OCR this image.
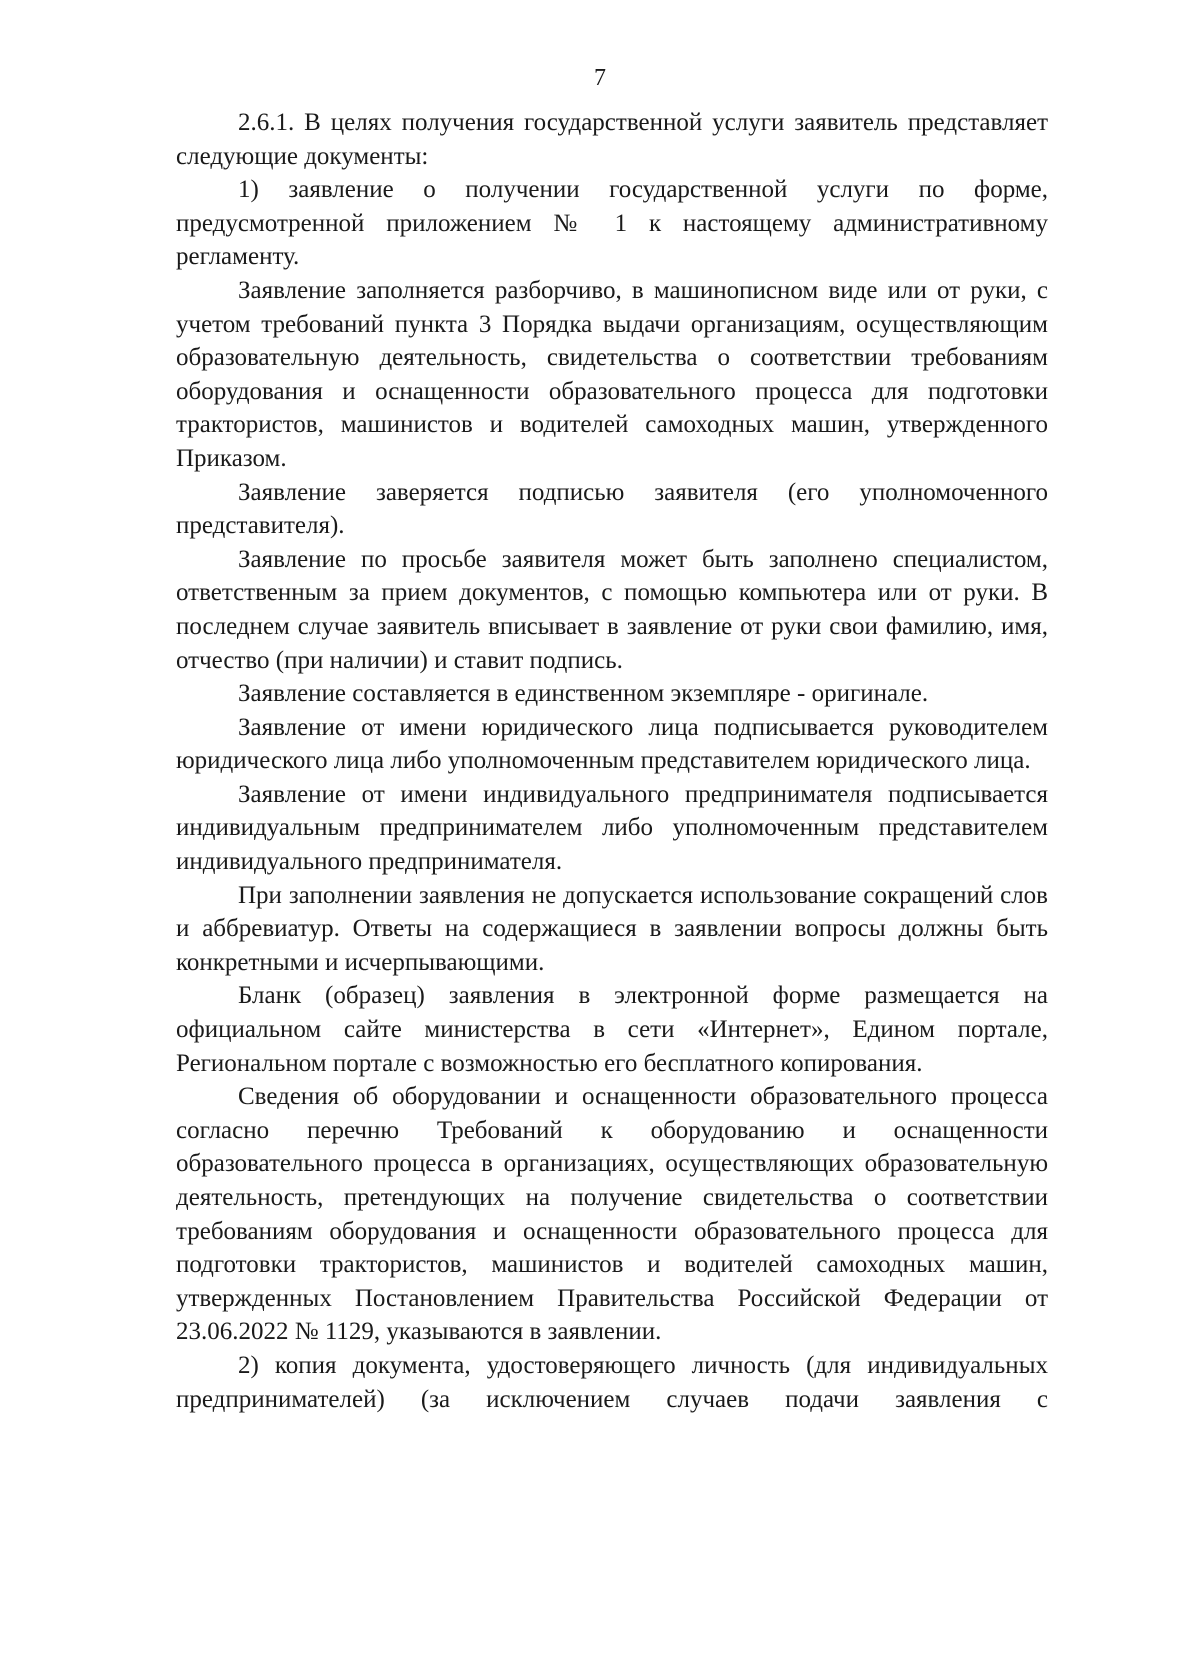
7

2.6.1. В целях получения государственной услуги заявитель представляет следующие документы:

1) заявление о получении государственной услуги по форме, предусмотренной приложением № 1 к настоящему административному регламенту.

Заявление заполняется разборчиво, в машинописном виде или от руки, с учетом требований пункта 3 Порядка выдачи организациям, осуществляющим образовательную деятельность, свидетельства о соответствии требованиям оборудования и оснащенности образовательного процесса для подготовки трактористов, машинистов и водителей самоходных машин, утвержденного Приказом.

Заявление заверяется подписью заявителя (его уполномоченного представителя).

Заявление по просьбе заявителя может быть заполнено специалистом, ответственным за прием документов, с помощью компьютера или от руки. В последнем случае заявитель вписывает в заявление от руки свои фамилию, имя, отчество (при наличии) и ставит подпись.

Заявление составляется в единственном экземпляре - оригинале.

Заявление от имени юридического лица подписывается руководителем юридического лица либо уполномоченным представителем юридического лица.

Заявление от имени индивидуального предпринимателя подписывается индивидуальным предпринимателем либо уполномоченным представителем индивидуального предпринимателя.

При заполнении заявления не допускается использование сокращений слов и аббревиатур. Ответы на содержащиеся в заявлении вопросы должны быть конкретными и исчерпывающими.

Бланк (образец) заявления в электронной форме размещается на официальном сайте министерства в сети «Интернет», Едином портале, Региональном портале с возможностью его бесплатного копирования.

Сведения об оборудовании и оснащенности образовательного процесса согласно перечню Требований к оборудованию и оснащенности образовательного процесса в организациях, осуществляющих образовательную деятельность, претендующих на получение свидетельства о соответствии требованиям оборудования и оснащенности образовательного процесса для подготовки трактористов, машинистов и водителей самоходных машин, утвержденных Постановлением Правительства Российской Федерации от 23.06.2022 № 1129, указываются в заявлении.

2) копия документа, удостоверяющего личность (для индивидуальных предпринимателей) (за исключением случаев подачи заявления с
